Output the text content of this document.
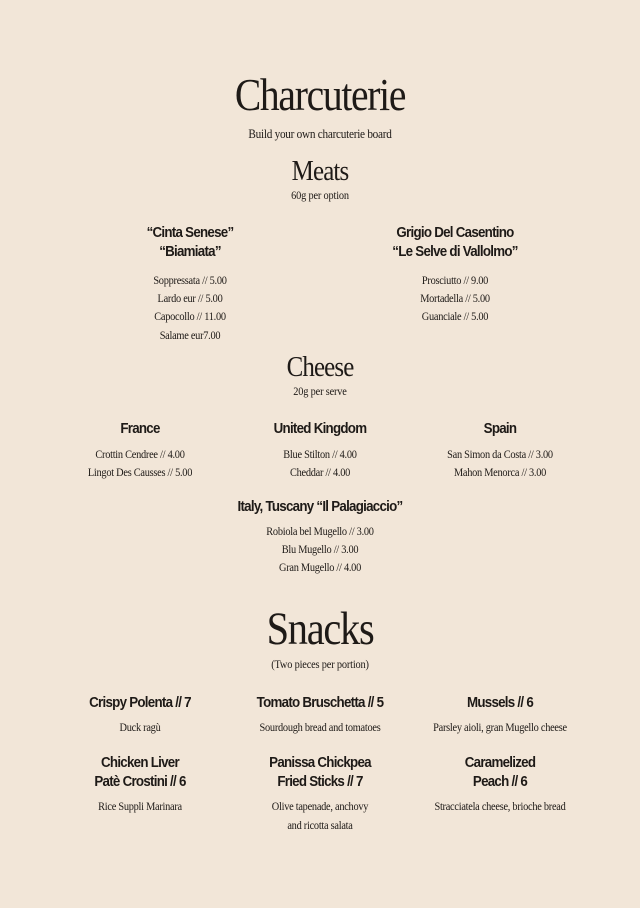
Charcuterie
Build your own charcuterie board
Meats
60g per option
“Cinta Senese”
“Biamiata”
Soppressata // 5.00
Lardo eur // 5.00
Capocollo // 11.00
Salame eur7.00
Grigio Del Casentino
“Le Selve di Vallolmo”
Prosciutto // 9.00
Mortadella // 5.00
Guanciale // 5.00
Cheese
20g per serve
France
Crottin Cendree // 4.00
Lingot Des Causses // 5.00
United Kingdom
Blue Stilton // 4.00
Cheddar // 4.00
Spain
San Simon da Costa // 3.00
Mahon Menorca // 3.00
Italy, Tuscany “Il Palagiaccio”
Robiola bel Mugello // 3.00
Blu Mugello // 3.00
Gran Mugello // 4.00
Snacks
(Two pieces per portion)
Crispy Polenta // 7
Duck ragù
Tomato Bruschetta // 5
Sourdough bread and tomatoes
Mussels // 6
Parsley aioli, gran Mugello cheese
Chicken Liver
Patè Crostini // 6
Rice Suppli Marinara
Panissa Chickpea
Fried Sticks // 7
Olive tapenade, anchovy
and ricotta salata
Caramelized
Peach // 6
Stracciatela cheese, brioche bread
